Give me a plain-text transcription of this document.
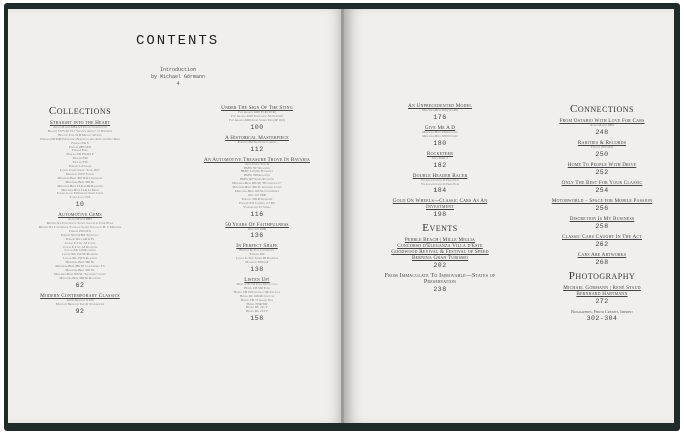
CONTENTS
Introduction
by Michael Görmann
4
Collections
Straight into the Heart
Aston Martin DB4 GT Zagato Competition
Bugatti T57S 32 V12 "Golden Arrow" by Northrop
Bugatti Type 35 B Monaco Winner
Ferrari 250 MM Pininfarina Berlinetta All Kind and Nice Deer
Ferrari 250 S
Ferrari 288 GTO
Ferrari Enzo
Ferrari 250 P3/412 P
Ferrari F40
Ferrari F50
Ferrari LaFerrari
Lancia Competizione "Long One"
Maserati 250 F Fangio
Mercedes-Benz 300 SLR Uhlenhaut
Mercedes-Benz 300 SL
Mercedes-Benz CLK GTR Roadster
Mercedes-Benz CLK Le Mans
Talbot-Lago T26 Grand Sport Coupé
Tauro Lago T74
10
Automotive Gems
Aston Martin DB5
Bentley R1 Continental Sports Saloon by Park Ward
Bentley R1 Continental Fastback Sports Saloon by H. J. Mulliner
Ferrari 250 GTO
Ferrari 365 GTB/4 "Daytona"
Ferrari Dino 246 GTS
Jaguar E-Type 3.8 Coupé
Jaguar E-Type 3.8 Roadster
Jaguar XK 120 Roadster
Jaguar XK 150 SE Roadster
Jaguar XK 150 S Roadster
Mercedes-Benz 300 SL
Mercedes-Benz 280 SE Convertible 3.5
Mercedes-Benz 300 SL
Mercedes-Benz 300 SL "Gullwing" Coupé
Mercedes-Benz 300 SL Roadster
62
Modern Contemporary Classics
Alpine Renault A 220
Maserati Birdcage Tipo 61 Streamliner
92
Under The Sign Of The Sting
Fiat Abarth 1000 TCR (TCR)
Fiat Abarth 2000 Pininfarina SE 014/019
Fiat Abarth 2000 Sport Spider Tipo (SE 010)
100
A Historical Masterpiece
Porsche 356 Speedster Carrera
112
An Automotive Treasure Trove In Bavaria
Auto Union Type D
BMW 507 Roadster
BMW 3.2 CSL Batmobile
BMW 328 Roadster
BMW 507 Series Roadster
Mercedes-Benz 280 SE "Hochzeitsauto"
Mercedes-Benz 300 SL Gullwing Coupé
Mercedes-Benz 190 SL Convertible
Opel GT 1900
Porsche 356 B Speedster
Porsche 911 Carrera 2.7 RS
Volkswagen T1 Samba
116
50 Years Of Faithfulness
Opel GT 1900
136
In Perfect Shape
Bentley R-Type Continental
Ferrari 400
Jaguar E-Type Series III Roadster
Maserati 3500 GT
138
Listen Up!
Honda CB 750 Four Motorcycle
Honda CB 500 Four
Honda CB 450 Gatineau Motorcycle
Honda RC 166 Motorcycle
Honda CB 72 Grand Prix
Honda NSR 500
Honda RC 211 V
Honda RC 213 V
158
An Unprecedented Model
Mercedes-Benz 600 (W 100)
176
Give Me A D
Mercedes-Benz 190 D Coupé
Mercedes-Benz 300 D Coupé
180
Rocketeer
Opel RAK 2
182
Double Header Racer
Volkswagen Golf II Pikes Peak
Volkswagen Golf II Pikes Peak
184
Gold On Wheels—Classic Cars As An Investment
198
Events
Pebble Beach | Mille Miglia
Concorso d'Eleganza Villa d'Este
Goodwood Revival & Festival of Speed
Bernina Gran Turismo
202
From Immaculate To Immovable—States of Preservation
238
Connections
From Ostabio With Love For Cars
Aston Martin DB5
248
Rarities & Records
Ferrari 250 GTO
250
Home To People With Drive
252
Only The Best For Your Classic
254
Motorworld – Space for Mobile Passion
256
Discretion Is My Business
258
Classic Cars Caught In The Act
262
Cars Are Artworks
268
Photography
Michael Görmann | René Staud
Bernhard Hartmann
272
Biographies, Photo Credits, Imprint
302-304
